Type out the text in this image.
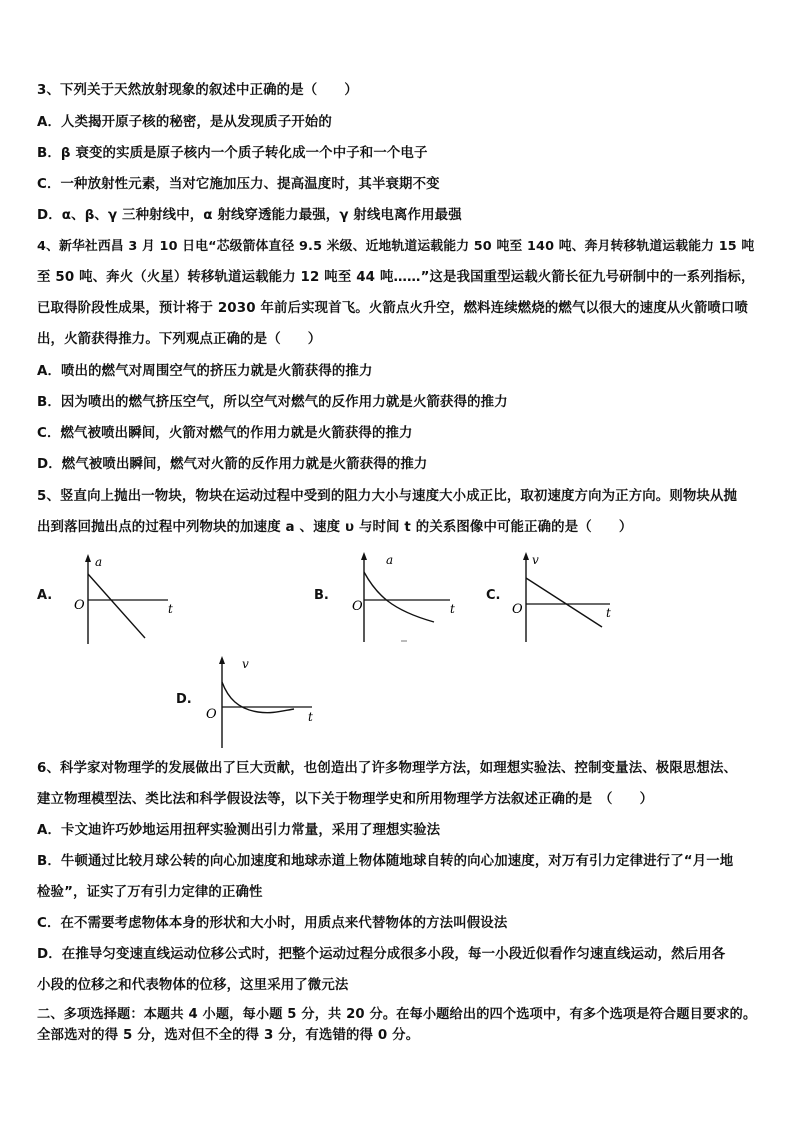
3、下列关于天然放射现象的叙述中正确的是（　　）
A．人类揭开原子核的秘密，是从发现质子开始的
B．β 衰变的实质是原子核内一个质子转化成一个中子和一个电子
C．一种放射性元素，当对它施加压力、提高温度时，其半衰期不变
D．α、β、γ 三种射线中，α 射线穿透能力最强，γ 射线电离作用最强
4、新华社西昌 3 月 10 日电“芯级箭体直径 9.5 米级、近地轨道运载能力 50 吨至 140 吨、奔月转移轨道运载能力 15 吨
至 50 吨、奔火（火星）转移轨道运载能力 12 吨至 44 吨……”这是我国重型运载火箭长征九号研制中的一系列指标，
已取得阶段性成果，预计将于 2030 年前后实现首飞。火箭点火升空，燃料连续燃烧的燃气以很大的速度从火箭喷口喷
出，火箭获得推力。下列观点正确的是（　　）
A．喷出的燃气对周围空气的挤压力就是火箭获得的推力
B．因为喷出的燃气挤压空气，所以空气对燃气的反作用力就是火箭获得的推力
C．燃气被喷出瞬间，火箭对燃气的作用力就是火箭获得的推力
D．燃气被喷出瞬间，燃气对火箭的反作用力就是火箭获得的推力
5、竖直向上抛出一物块，物块在运动过程中受到的阻力大小与速度大小成正比，取初速度方向为正方向。则物块从抛
出到落回抛出点的过程中列物块的加速度 a 、速度 υ 与时间 t 的关系图像中可能正确的是（　　）
A.
a
t
O
B.
a
t
O
C.
v
t
O
D.
v
t
O
6、科学家对物理学的发展做出了巨大贡献，也创造出了许多物理学方法，如理想实验法、控制变量法、极限思想法、
建立物理模型法、类比法和科学假设法等，以下关于物理学史和所用物理学方法叙述正确的是　（　　）
A．卡文迪许巧妙地运用扭秤实验测出引力常量，采用了理想实验法
B．牛顿通过比较月球公转的向心加速度和地球赤道上物体随地球自转的向心加速度，对万有引力定律进行了“月一地
检验”，证实了万有引力定律的正确性
C．在不需要考虑物体本身的形状和大小时，用质点来代替物体的方法叫假设法
D．在推导匀变速直线运动位移公式时，把整个运动过程分成很多小段，每一小段近似看作匀速直线运动，然后用各
小段的位移之和代表物体的位移，这里采用了微元法
二、多项选择题：本题共 4 小题，每小题 5 分，共 20 分。在每小题给出的四个选项中，有多个选项是符合题目要求的。
全部选对的得 5 分，选对但不全的得 3 分，有选错的得 0 分。
